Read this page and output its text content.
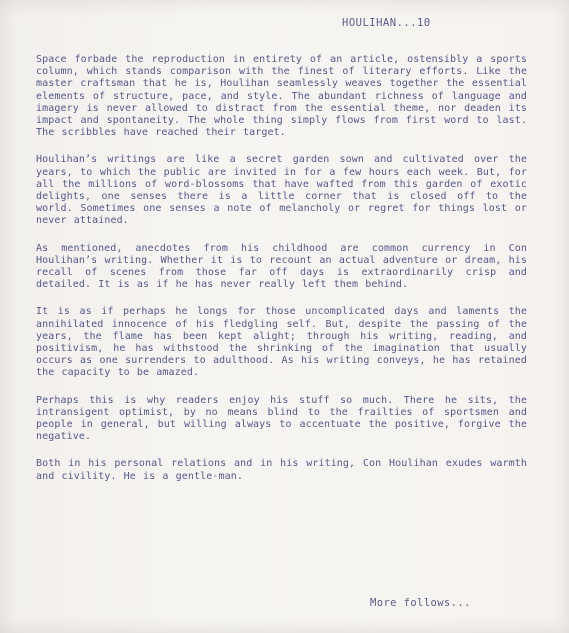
HOULIHAN...10

Space forbade the reproduction in entirety of an article, ostensibly a sports column, which stands comparison with the finest of literary efforts. Like the master craftsman that he is, Houlihan seamlessly weaves together the essential elements of structure, pace, and style. The abundant richness of language and imagery is never allowed to distract from the essential theme, nor deaden its impact and spontaneity. The whole thing simply flows from first word to last. The scribbles have reached their target.

Houlihan’s writings are like a secret garden sown and cultivated over the years, to which the public are invited in for a few hours each week. But, for all the millions of word-blossoms that have wafted from this garden of exotic delights, one senses there is a little corner that is closed off to the world. Sometimes one senses a note of melancholy or regret for things lost or never attained.

As mentioned, anecdotes from his childhood are common currency in Con Houlihan’s writing. Whether it is to recount an actual adventure or dream, his recall of scenes from those far off days is extraordinarily crisp and detailed. It is as if he has never really left them behind.

It is as if perhaps he longs for those uncomplicated days and laments the annihilated innocence of his fledgling self. But, despite the passing of the years, the flame has been kept alight; through his writing, reading, and positivism, he has withstood the shrinking of the imagination that usually occurs as one surrenders to adulthood. As his writing conveys, he has retained the capacity to be amazed.

Perhaps this is why readers enjoy his stuff so much. There he sits, the intransigent optimist, by no means blind to the frailties of sportsmen and people in general, but willing always to accentuate the positive, forgive the negative.

Both in his personal relations and in his writing, Con Houlihan exudes warmth and civility. He is a gentle-man.

More follows...
